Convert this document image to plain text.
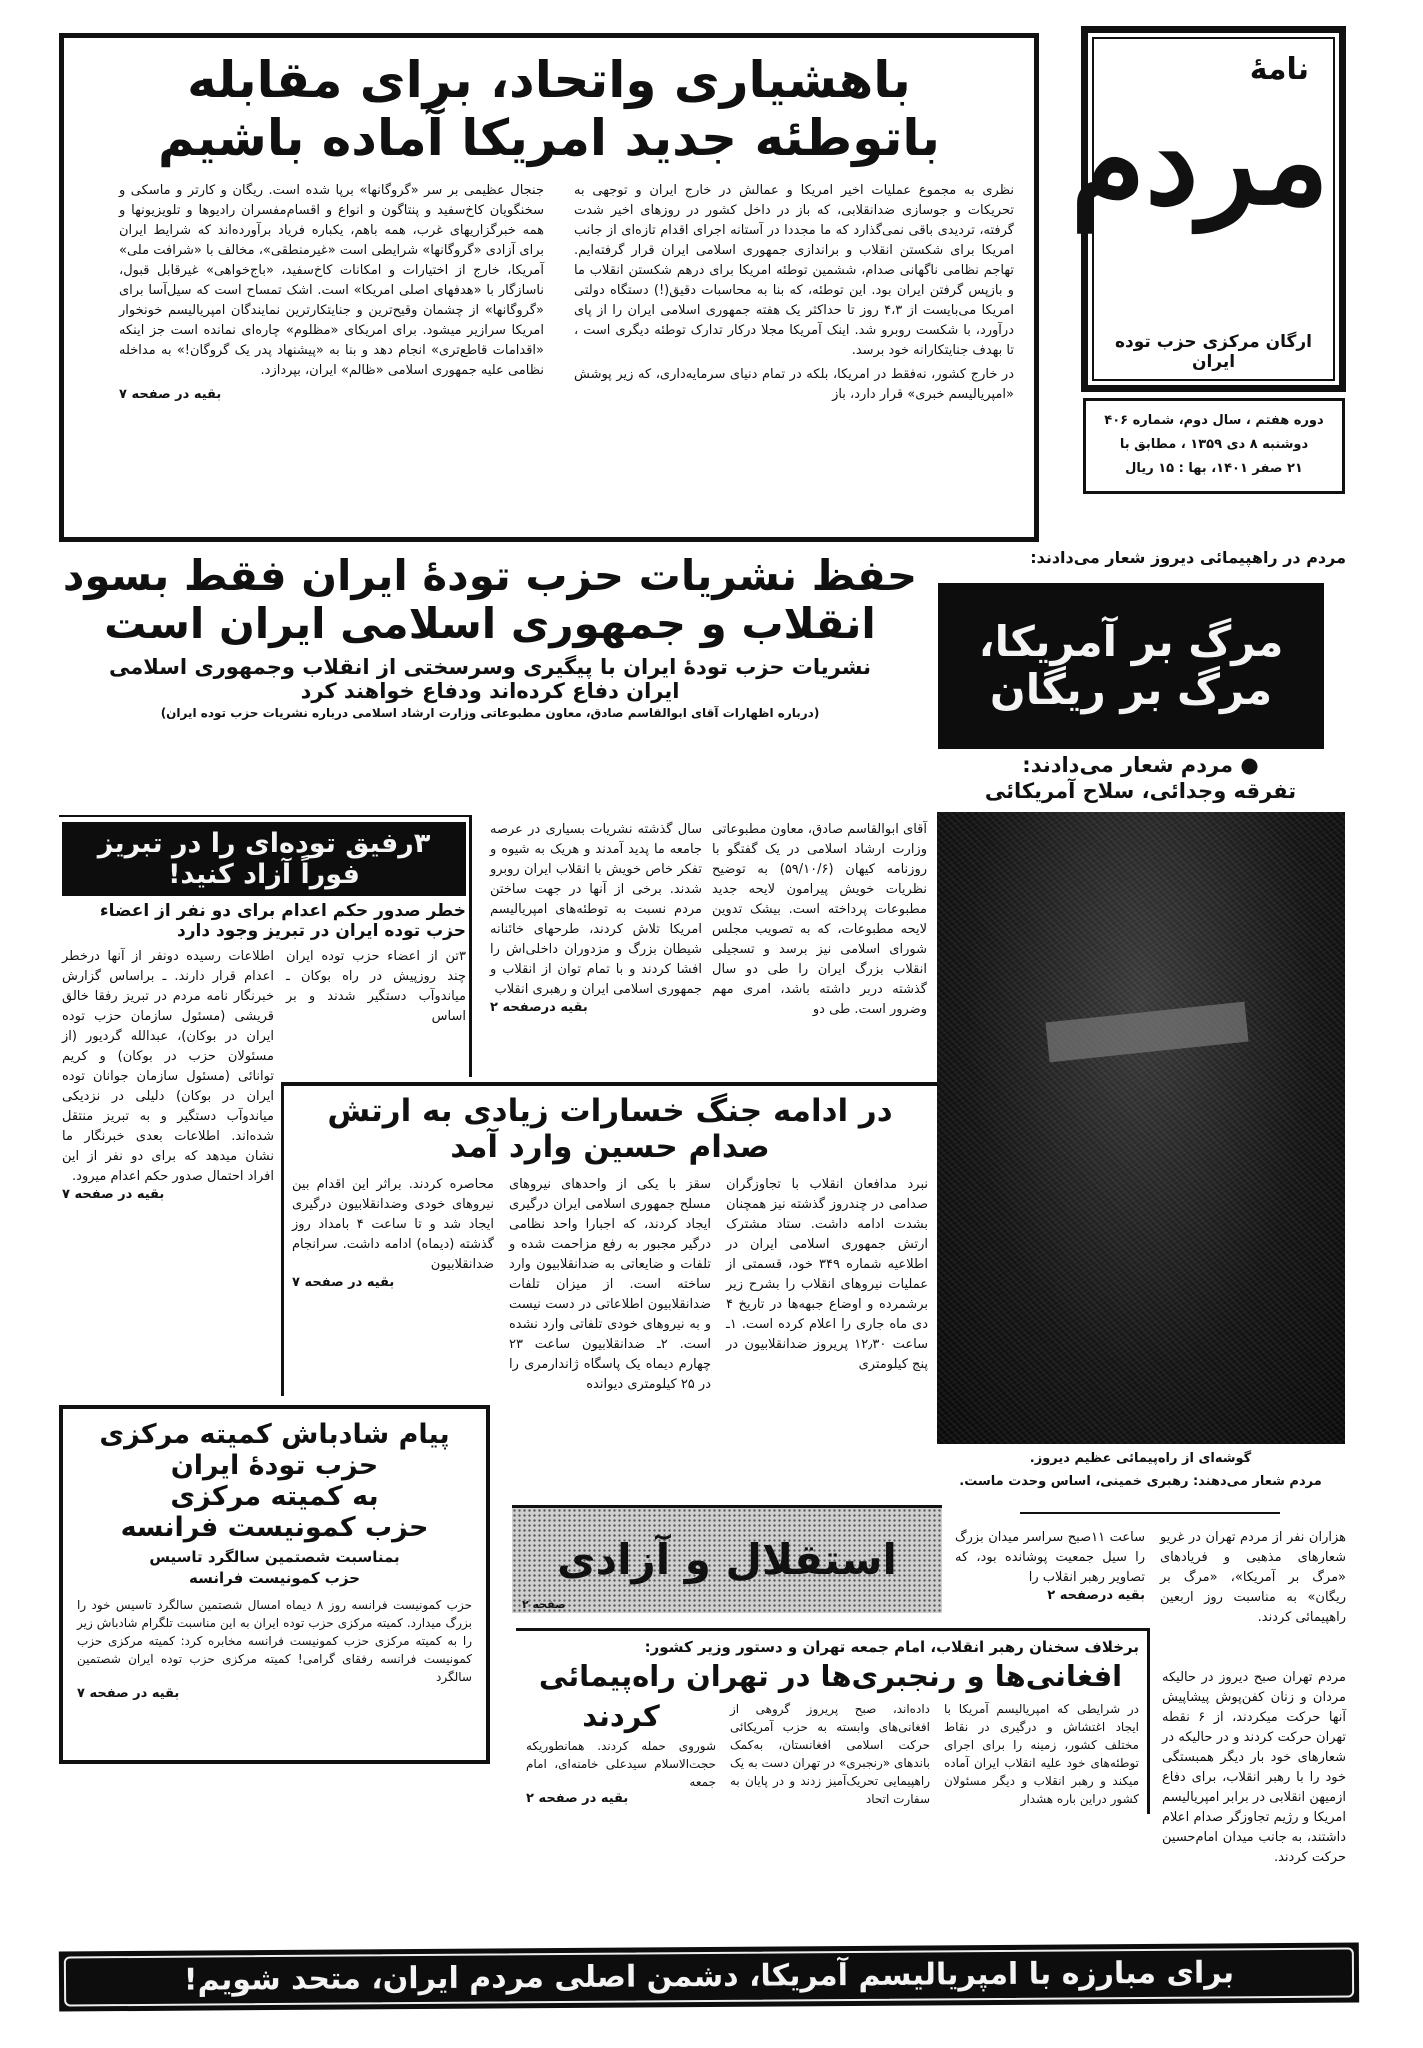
نامهٔ
مردم
ارگان مرکزی حزب توده ایران
دوره هفتم ، سال دوم، شماره ۴۰۶
دوشنبه ۸ دی ۱۳۵۹ ، مطابق با
۲۱ صفر ۱۴۰۱، بها : ۱۵ ریال
باهشیاری واتحاد، برای مقابله
باتوطئه جدید امریکا آماده باشیم
نظری به مجموع عملیات اخیر امریکا و عمالش در خارج ایران و توجهی به تحریکات و جوسازی ضدانقلابی، که باز در داخل کشور در روزهای اخیر شدت گرفته، تردیدی باقی نمی‌گذارد که ما مجددا در آستانه اجرای اقدام تازه‌ای از جانب امریکا برای شکستن انقلاب و براندازی جمهوری اسلامی ایران قرار گرفته‌ایم. تهاجم نظامی ناگهانی صدام، ششمین توطئه امریکا برای درهم شکستن انقلاب ما و بازپس گرفتن ایران بود. این توطئه، که بنا به محاسبات دقیق(!) دستگاه دولتی امریکا می‌بایست از ۴،۳ روز تا حداکثر یک هفته جمهوری اسلامی ایران را از پای درآورد، با شکست روبرو شد. اینک آمریکا مجلا درکار تدارک توطئه دیگری است ، تا بهدف جنایتکارانه خود برسد.
در خارج کشور، نه‌فقط در امریکا، بلکه در تمام دنیای سرمایه‌داری، که زیر پوشش «امپریالیسم خبری» قرار دارد، باز
جنجال عظیمی بر سر «گروگانها» برپا شده است. ریگان و کارتر و ماسکی و سخنگویان کاخ‌سفید و پنتاگون و انواع و اقسام‌مفسران رادیوها و تلویزیونها و همه خبرگزاریهای غرب، همه باهم، یکباره فریاد برآورده‌اند که شرایط ایران برای آزادی «گروگانها» شرایطی است «غیرمنطقی»، مخالف با «شرافت ملی» آمریکا، خارج از اختیارات و امکانات کاخ‌سفید، «باج‌خواهی» غیرقابل قبول، ناسازگار با «هدفهای اصلی امریکا» است. اشک تمساح است که سیل‌آسا برای «گروگانها» از چشمان وقیح‌ترین و جنایتکارترین نمایندگان امپریالیسم خونخوار امریکا سرازیر میشود. برای امریکای «مظلوم» چاره‌ای نمانده است جز اینکه «اقدامات قاطع‌تری» انجام دهد و بنا به «پیشنهاد پدر یک گروگان!» به مداخله نظامی علیه جمهوری اسلامی «ظالم» ایران، بپردازد.
بقیه در صفحه ۷
حفظ نشریات حزب تودهٔ ایران فقط بسود
انقلاب و جمهوری اسلامی ایران است
نشریات حزب تودهٔ ایران با پیگیری وسرسختی از انقلاب وجمهوری اسلامی
ایران دفاع کرده‌اند ودفاع خواهند کرد
(درباره اظهارات آقای ابوالقاسم صادق، معاون مطبوعاتی وزارت ارشاد اسلامی درباره نشریات حزب توده ایران)
آقای ابوالقاسم صادق، معاون مطبوعاتی وزارت ارشاد اسلامی در یک گفتگو با روزنامه کیهان (۵۹/۱۰/۶) به توضیح نظریات خویش پیرامون لایحه جدید مطبوعات پرداخته است. بیشک تدوین لایحه مطبوعات، که به تصویب مجلس شورای اسلامی نیز برسد و تسجیلی انقلاب بزرگ ایران را طی دو سال گذشته دربر داشته باشد، امری مهم وضرور است. طی دو
سال گذشته نشریات بسیاری در عرصه جامعه ما پدید آمدند و هریک به شیوه و تفکر خاص خویش با انقلاب ایران روبرو شدند. برخی از آنها در جهت ساختن مردم نسبت به توطئه‌های امپریالیسم امریکا تلاش کردند، طرحهای خائنانه شیطان بزرگ و مزدوران داخلی‌اش را افشا کردند و با تمام توان از انقلاب و جمهوری اسلامی ایران و رهبری انقلاب
بقیه درصفحه ۲
مردم در راهپیمائی دیروز شعار می‌دادند:
مرگ بر آمریکا،
مرگ بر ریگان
● مردم شعار می‌دادند:
تفرقه وجدائی، سلاح آمریکائی
گوشه‌ای از راه‌پیمائی عظیم دیروز.
مردم شعار می‌دهند: رهبری خمینی، اساس وحدت ماست.
هزاران نفر از مردم تهران در غریو شعارهای مذهبی و فریادهای «مرگ بر آمریکا»، «مرگ بر ریگان» به مناسبت روز اربعین راهپیمائی کردند.
ساعت ۱۱صبح سراسر میدان بزرگ را سیل جمعیت پوشانده بود، که تصاویر رهبر انقلاب را
بقیه درصفحه ۲
مردم تهران صبح دیروز در حالیکه مردان و زنان کفن‌پوش پیشاپیش آنها حرکت میکردند، از ۶ نقطه تهران حرکت کردند و در حالیکه در شعارهای خود بار دیگر همبستگی خود را با رهبر انقلاب، برای دفاع ازمیهن انقلابی در برابر امپریالیسم امریکا و رژیم تجاوزگر صدام اعلام داشتند، به جانب میدان امام‌حسین حرکت کردند.
۳رفیق توده‌ای را در تبریز
فوراً آزاد کنید!
خطر صدور حکم اعدام برای دو نفر از اعضاء
حزب توده ایران در تبریز وجود دارد
۳تن از اعضاء حزب توده ایران چند روزپیش در راه بوکان ـ میاندوآب دستگیر شدند و بر اساس
اطلاعات رسیده دونفر از آنها درخطر اعدام قرار دارند. ـ براساس گزارش خبرنگار نامه مردم در تبریز رفقا خالق قریشی (مسئول سازمان حزب توده ایران در بوکان)، عبدالله گردیور (از مسئولان حزب در بوکان) و کریم توانائی (مسئول سازمان جوانان توده ایران در بوکان) دلیلی در نزدیکی میاندوآب دستگیر و به تبریز منتقل شده‌اند. اطلاعات بعدی خبرنگار ما نشان میدهد که برای دو نفر از این افراد احتمال صدور حکم اعدام میرود.
بقیه در صفحه ۷
در ادامه جنگ خسارات زیادی به ارتش
صدام حسین وارد آمد
نبرد مدافعان انقلاب با تجاوزگران صدامی در چندروز گذشته نیز همچنان بشدت ادامه داشت. ستاد مشترک ارتش جمهوری اسلامی ایران در اطلاعیه شماره ۳۴۹ خود، قسمتی از عملیات نیروهای انقلاب را بشرح زیر برشمرده و اوضاع جبهه‌ها در تاریخ ۴ دی ماه جاری را اعلام کرده است. ۱ـ ساعت ۱۲٫۳۰ پریروز ضدانقلابیون در پنج کیلومتری
سقز با یکی از واحدهای نیروهای مسلح جمهوری اسلامی ایران درگیری ایجاد کردند، که اجبارا واحد نظامی درگیر مجبور به رفع مزاحمت شده و تلفات و ضایعاتی به ضدانقلابیون وارد ساخته است. از میزان تلفات ضدانقلابیون اطلاعاتی در دست نیست و به نیروهای خودی تلفاتی وارد نشده است. ۲ـ ضدانقلابیون ساعت ۲۳ چهارم دیماه یک پاسگاه ژاندارمری را در ۲۵ کیلومتری دیوانده
محاصره کردند. براثر این اقدام بین نیروهای خودی وضدانقلابیون درگیری ایجاد شد و تا ساعت ۴ بامداد روز گذشته (دیماه) ادامه داشت. سرانجام ضدانقلابیون
بقیه در صفحه ۷
پیام شادباش کمیته مرکزی
حزب تودهٔ ایران
به کمیته مرکزی
حزب کمونیست فرانسه
بمناسبت شصتمین سالگرد تاسیس
حزب کمونیست فرانسه
حزب کمونیست فرانسه روز ۸ دیماه امسال شصتمین سالگرد تاسیس خود را بزرگ میدارد. کمیته مرکزی حزب توده ایران به این مناسبت تلگرام شادباش زیر را به کمیته مرکزی حزب کمونیست فرانسه مخابره کرد: کمیته مرکزی حزب کمونیست فرانسه رفقای گرامی! کمیته مرکزی حزب توده ایران شصتمین سالگرد
بقیه در صفحه ۷
استقلال و آزادی
صفحه ۲
برخلاف سخنان رهبر انقلاب، امام جمعه تهران و دستور وزیر کشور:
افغانی‌ها و رنجبری‌ها در تهران راه‌پیمائی
در شرایطی که امپریالیسم آمریکا با ایجاد اغتشاش و درگیری در نقاط مختلف کشور، زمینه را برای اجرای توطئه‌های خود علیه انقلاب ایران آماده میکند و رهبر انقلاب و دیگر مسئولان کشور دراین باره هشدار
داده‌اند، صبح پریروز گروهی از افغانی‌های وابسته به حزب آمریکائی حرکت اسلامی افغانستان، به‌کمک باندهای «رنجبری» در تهران دست به یک راهپیمایی تحریک‌آمیز زدند و در پایان به سفارت اتحاد
کردند
شوروی حمله کردند. همانطوریکه حجت‌الاسلام سیدعلی خامنه‌ای، امام جمعه
بقیه در صفحه ۲
برای مبارزه با امپریالیسم آمریکا، دشمن اصلی مردم ایران، متحد شویم!
